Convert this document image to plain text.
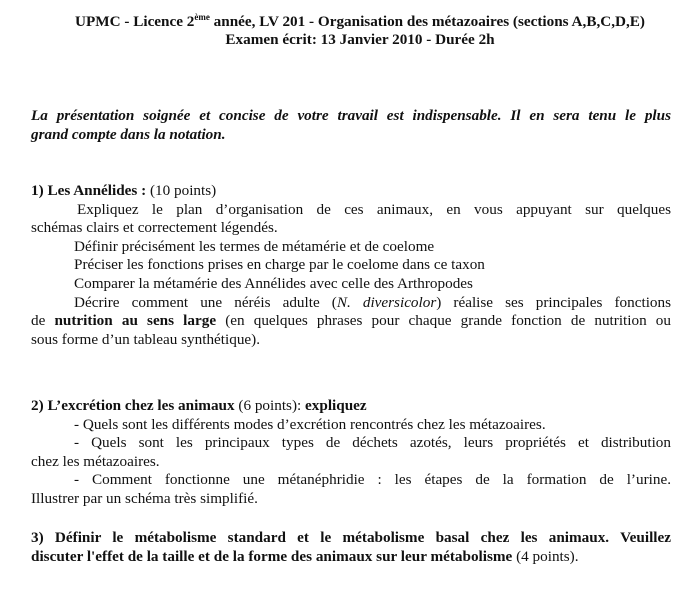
UPMC - Licence 2ème année, LV 201 - Organisation des métazoaires (sections A,B,C,D,E)
Examen écrit: 13 Janvier 2010 - Durée 2h
La présentation soignée et concise de votre travail est indispensable. Il en sera tenu le plus
grand compte dans la notation.
1) Les Annélides : (10 points)
Expliquez le plan d’organisation de ces animaux, en vous appuyant sur quelques
schémas clairs et correctement légendés.
Définir précisément les termes de métamérie et de coelome
Préciser les fonctions prises en charge par le coelome dans ce taxon
Comparer la métamérie des Annélides avec celle des Arthropodes
Décrire comment une néréis adulte (N. diversicolor) réalise ses principales fonctions
de nutrition au sens large (en quelques phrases pour chaque grande fonction de nutrition ou
sous forme d’un tableau synthétique).
2) L’excrétion chez les animaux (6 points): expliquez
- Quels sont les différents modes d’excrétion rencontrés chez les métazoaires.
- Quels sont les principaux types de déchets azotés, leurs propriétés et distribution
chez les métazoaires.
- Comment fonctionne une métanéphridie : les étapes de la formation de l’urine.
Illustrer par un schéma très simplifié.
3) Définir le métabolisme standard et le métabolisme basal chez les animaux. Veuillez
discuter l'effet de la taille et de la forme des animaux sur leur métabolisme (4 points).
